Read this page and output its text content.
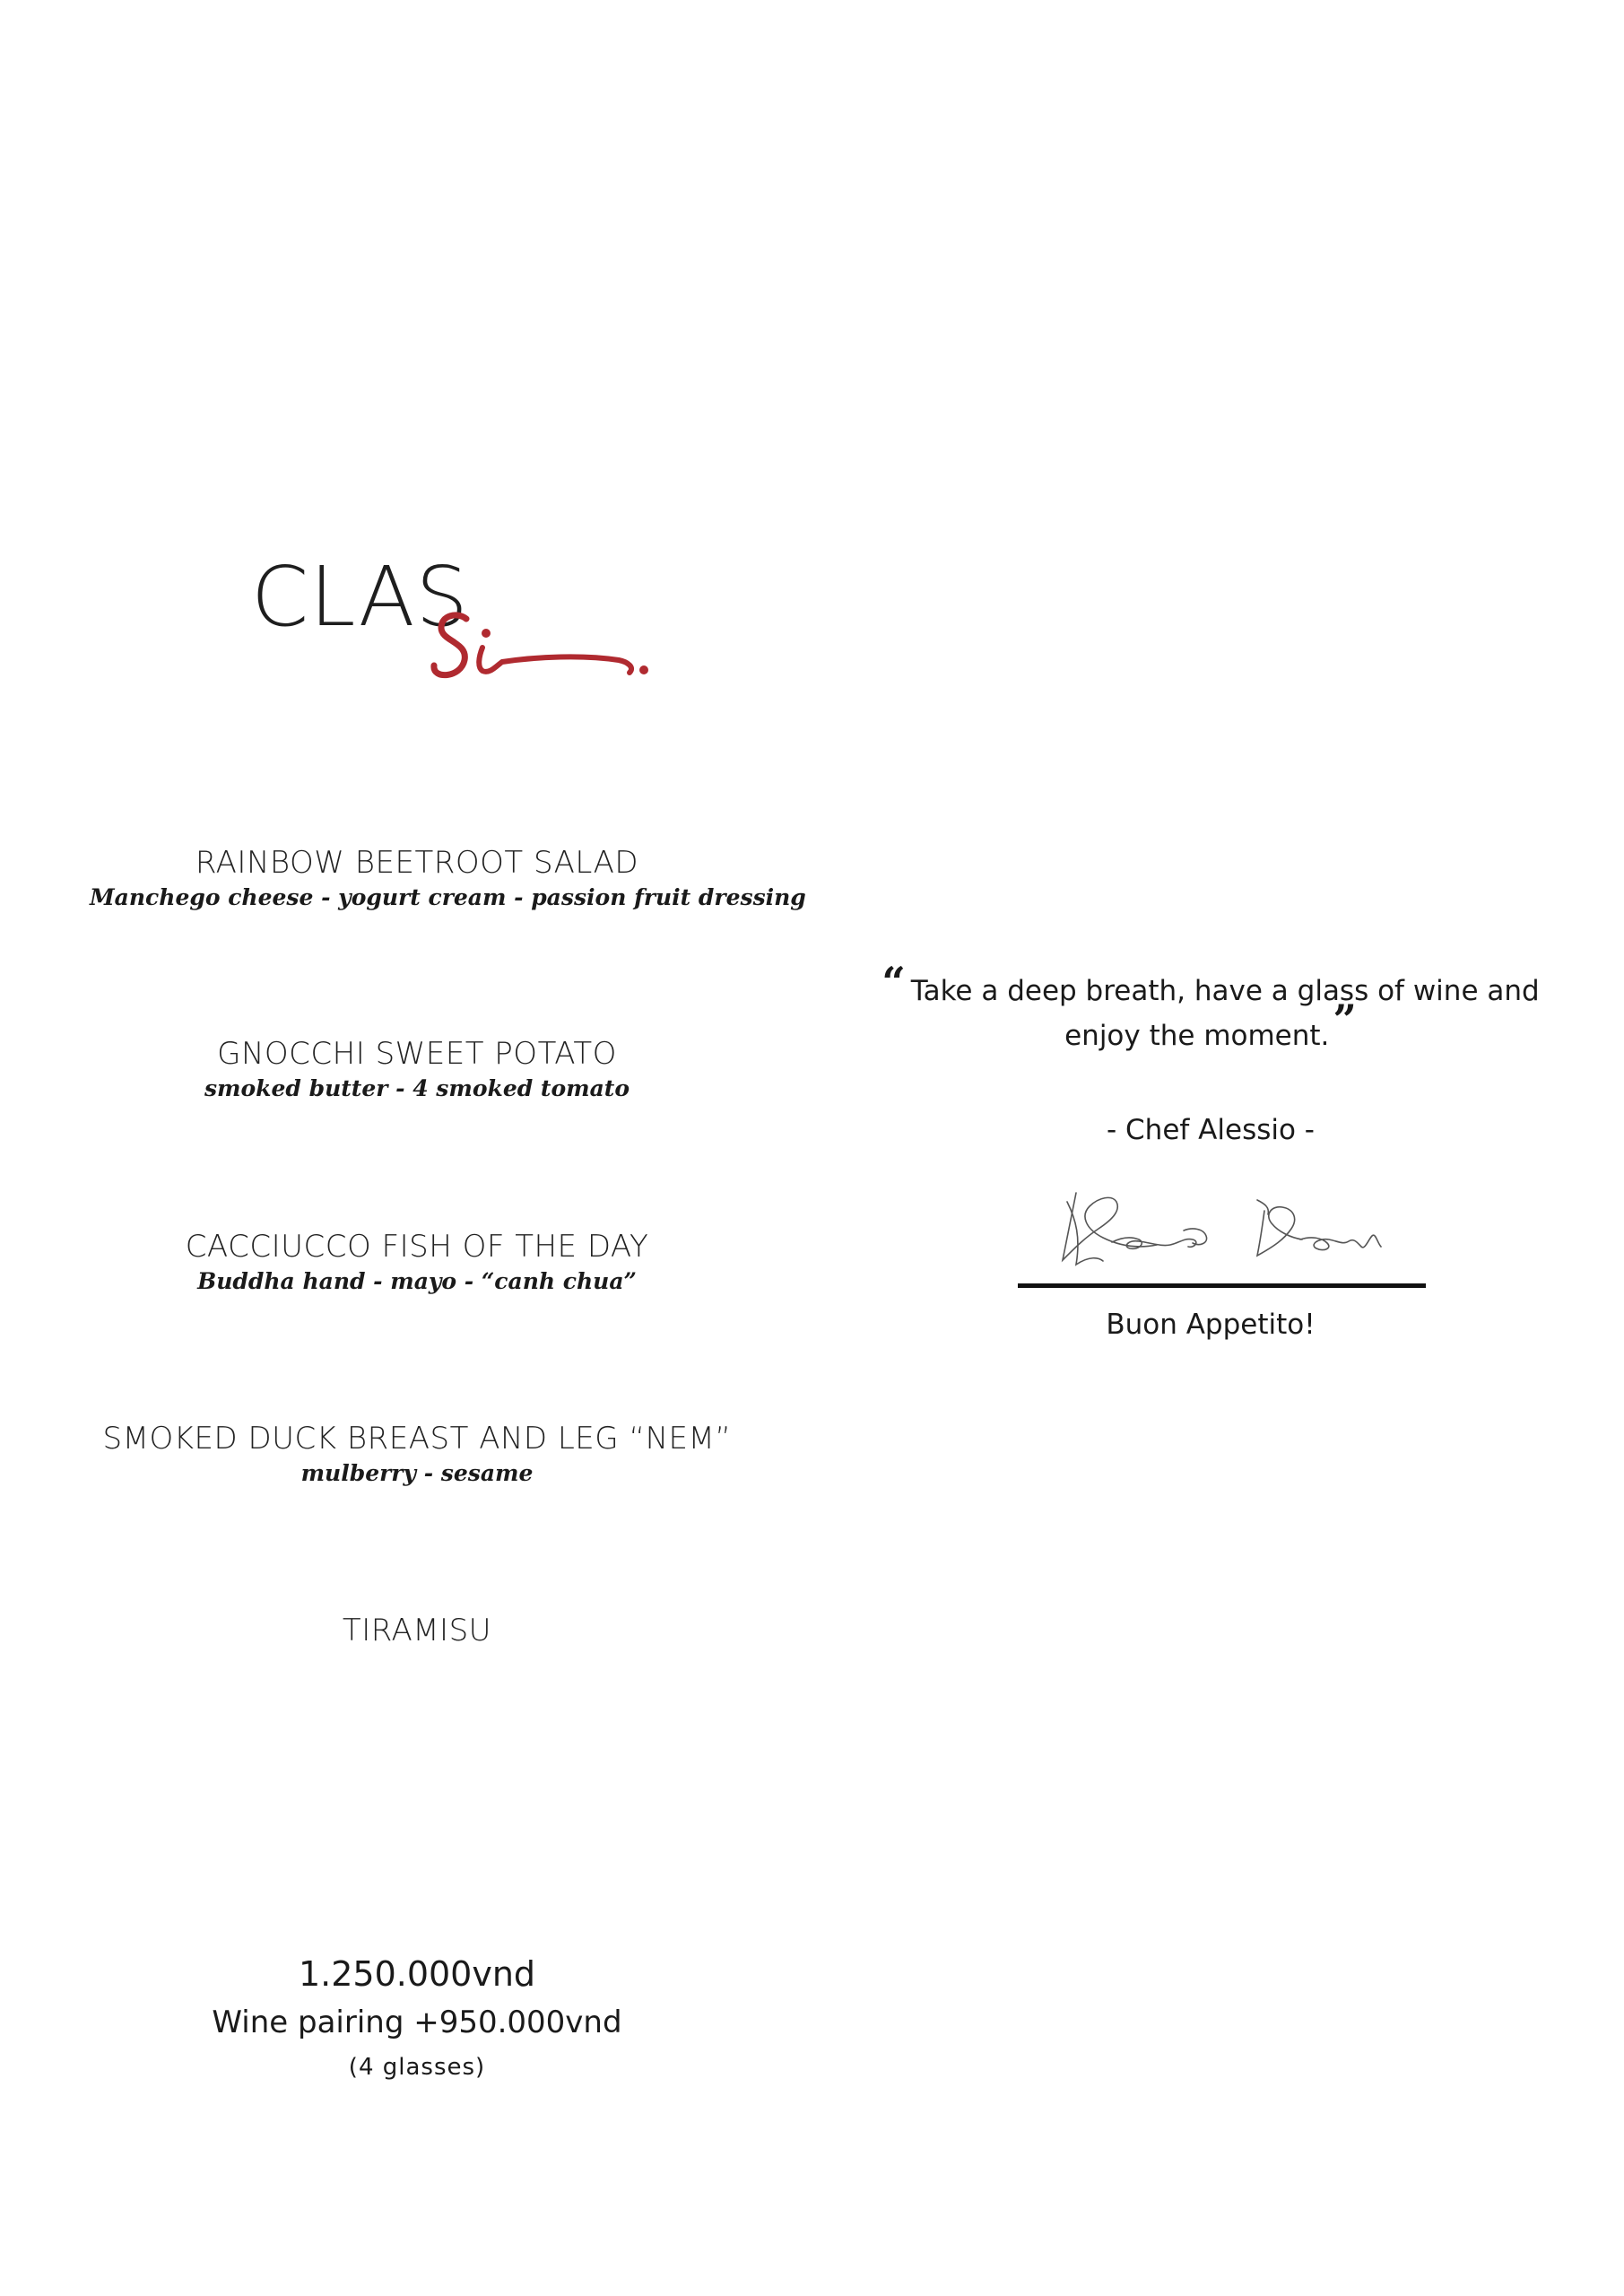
CLAS
RAINBOW BEETROOT SALAD
Manchego cheese - yogurt cream - passion fruit dressing
GNOCCHI SWEET POTATO
smoked butter - 4 smoked tomato
CACCIUCCO FISH OF THE DAY
Buddha hand - mayo - “canh chua”
SMOKED DUCK BREAST AND LEG “NEM”
mulberry - sesame
TIRAMISU
1.250.000vnd
Wine pairing +950.000vnd
(4 glasses)
“ Take a deep breath, have a glass of wine and
enjoy the moment.”
- Chef Alessio -
Buon Appetito!
